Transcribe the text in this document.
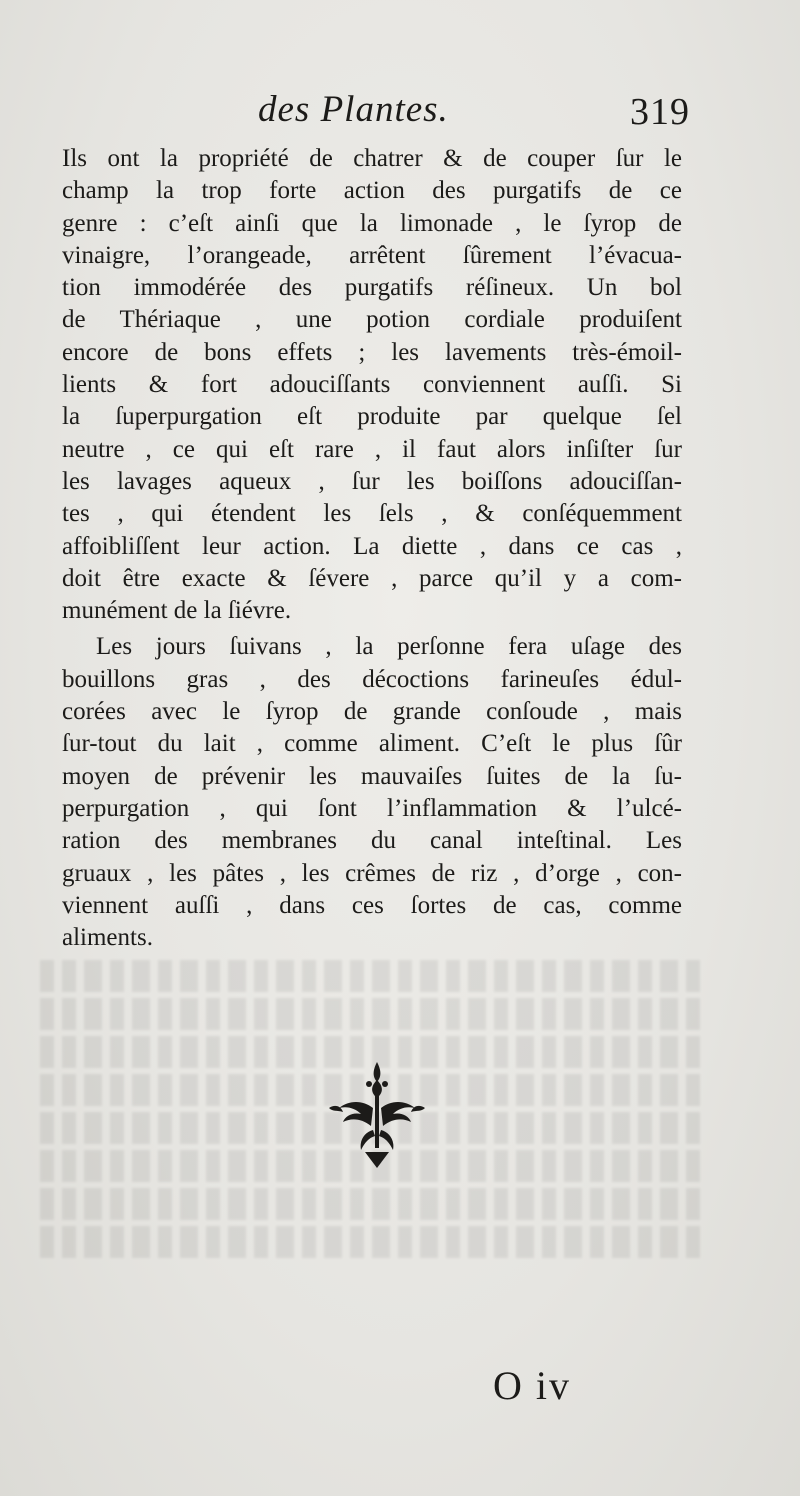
des Plantes.	319
Ils ont la propriété de chatrer & de couper ſur le
champ la trop forte action des purgatifs de ce
genre : c’eſt ainſi que la limonade , le ſyrop de
vinaigre, l’orangeade, arrêtent ſûrement l’évacua-
tion immodérée des purgatifs réſineux. Un bol
de Thériaque , une potion cordiale produiſent
encore de bons effets ; les lavements très-émoil-
lients & fort adouciſſants conviennent auſſi. Si
la ſuperpurgation eſt produite par quelque ſel
neutre , ce qui eſt rare , il faut alors inſiſter ſur
les lavages aqueux , ſur les boiſſons adouciſſan-
tes , qui étendent les ſels , & conſéquemment
affoibliſſent leur action. La diette , dans ce cas ,
doit être exacte & ſévere , parce qu’il y a com-
munément de la ſiévre.
Les jours ſuivans , la perſonne fera uſage des
bouillons gras , des décoctions farineuſes édul-
corées avec le ſyrop de grande conſoude , mais
ſur-tout du lait , comme aliment. C’eſt le plus ſûr
moyen de prévenir les mauvaiſes ſuites de la ſu-
perpurgation , qui ſont l’inflammation & l’ulcé-
ration des membranes du canal inteſtinal. Les
gruaux , les pâtes , les crêmes de riz , d’orge , con-
viennent auſſi , dans ces ſortes de cas, comme
aliments.
O iv
